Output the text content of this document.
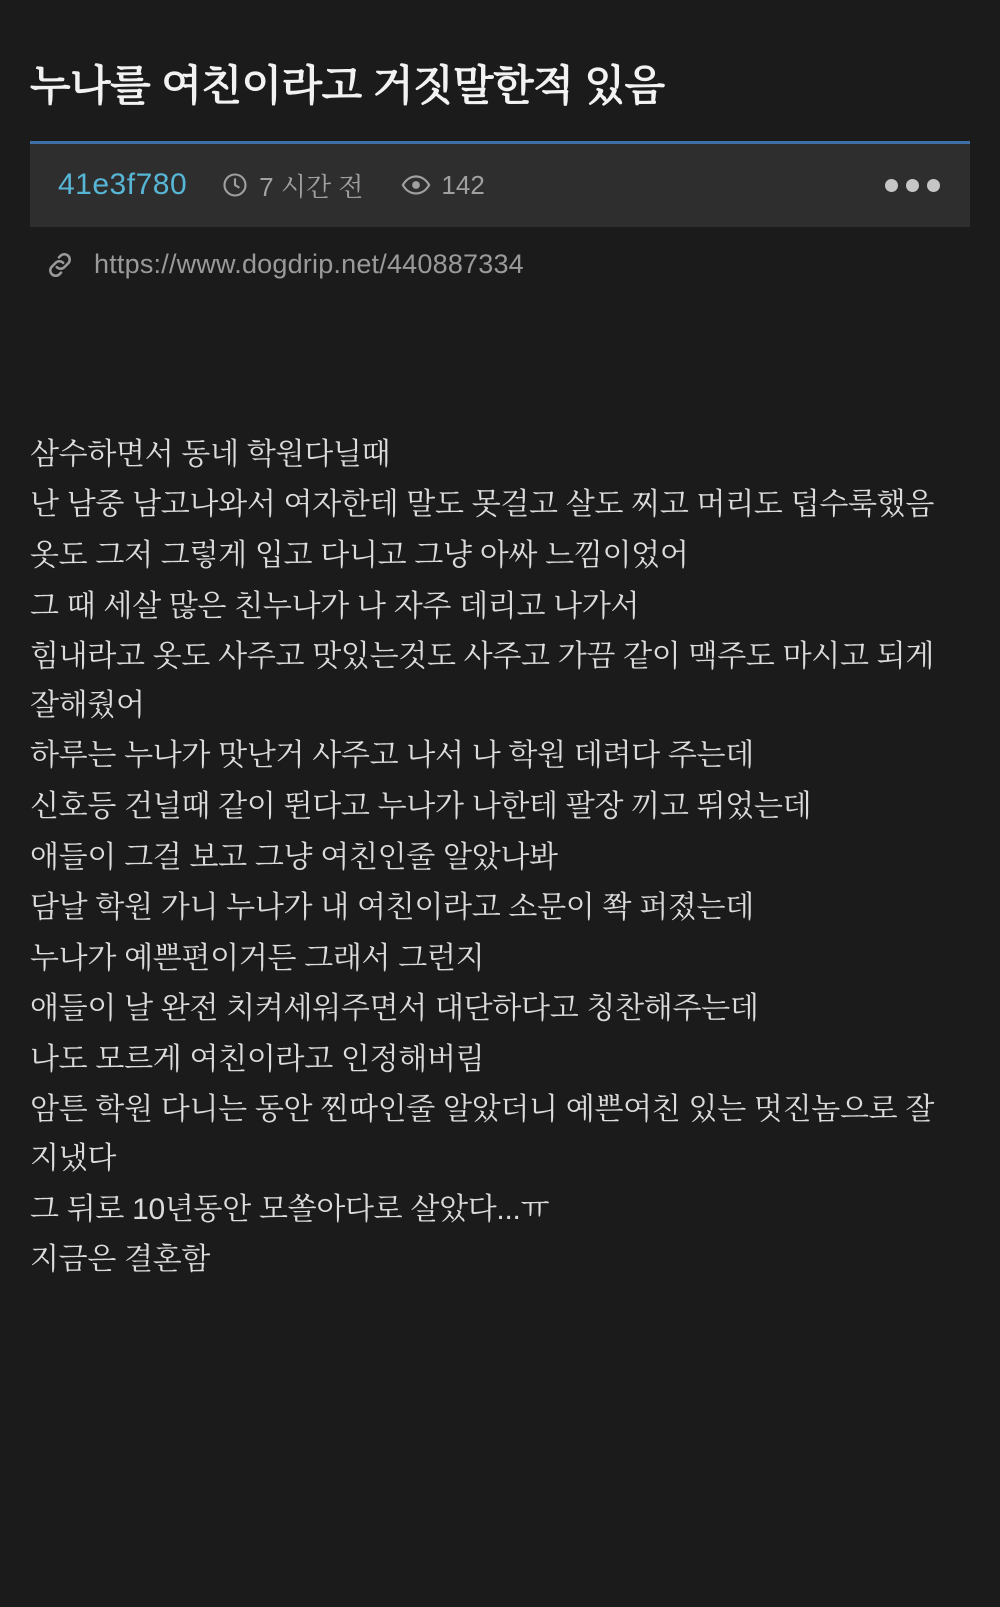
누나를 여친이라고 거짓말한적 있음
41e3f780	7 시간 전	142
https://www.dogdrip.net/440887334

삼수하면서 동네 학원다닐때

난 남중 남고나와서 여자한테 말도 못걸고 살도 찌고 머리도 덥수룩했음

옷도 그저 그렇게 입고 다니고 그냥 아싸 느낌이었어

그 때 세살 많은 친누나가 나 자주 데리고 나가서

힘내라고 옷도 사주고 맛있는것도 사주고 가끔 같이 맥주도 마시고 되게 잘해줬어

하루는 누나가 맛난거 사주고 나서 나 학원 데려다 주는데

신호등 건널때 같이 뛴다고 누나가 나한테 팔장 끼고 뛰었는데

애들이 그걸 보고 그냥 여친인줄 알았나봐

담날 학원 가니 누나가 내 여친이라고 소문이 쫙 퍼졌는데

누나가 예쁜편이거든 그래서 그런지

애들이 날 완전 치켜세워주면서 대단하다고 칭찬해주는데

나도 모르게 여친이라고 인정해버림

암튼 학원 다니는 동안 찐따인줄 알았더니 예쁜여친 있는 멋진놈으로 잘 지냈다

그 뒤로 10년동안 모쏠아다로 살았다...ㅠ

지금은 결혼함
